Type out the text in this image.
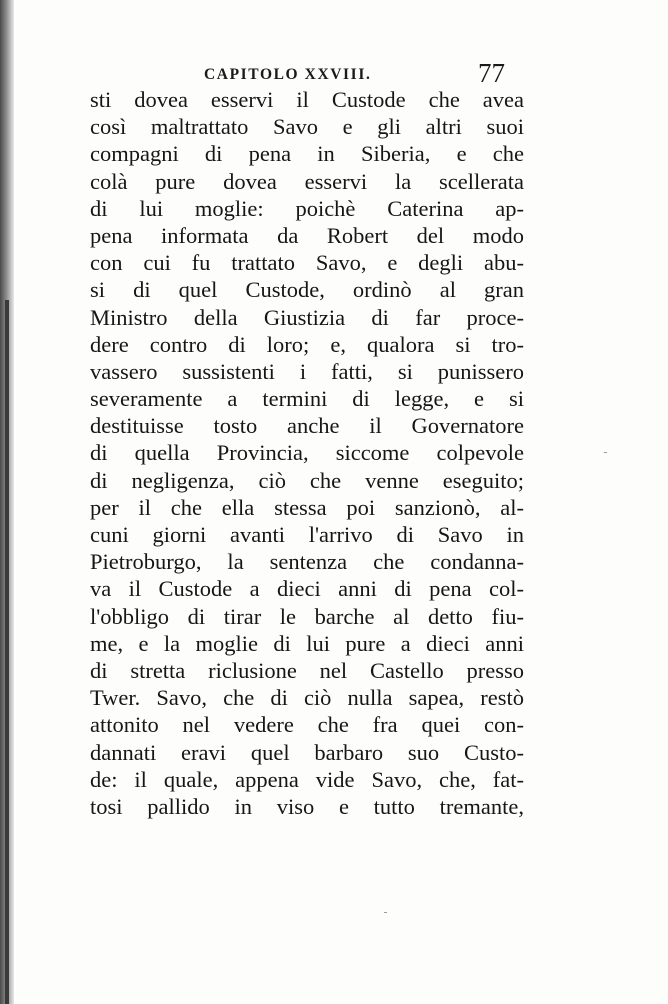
CAPITOLO XXVIII.	77
sti dovea esservi il Custode che avea
così maltrattato Savo e gli altri suoi
compagni di pena in Siberia, e che
colà pure dovea esservi la scellerata
di lui moglie: poichè Caterina ap-
pena informata da Robert del modo
con cui fu trattato Savo, e degli abu-
si di quel Custode, ordinò al gran
Ministro della Giustizia di far proce-
dere contro di loro; e, qualora si tro-
vassero sussistenti i fatti, si punissero
severamente a termini di legge, e si
destituisse tosto anche il Governatore
di quella Provincia, siccome colpevole
di negligenza, ciò che venne eseguito;
per il che ella stessa poi sanzionò, al-
cuni giorni avanti l'arrivo di Savo in
Pietroburgo, la sentenza che condanna-
va il Custode a dieci anni di pena col-
l'obbligo di tirar le barche al detto fiu-
me, e la moglie di lui pure a dieci anni
di stretta riclusione nel Castello presso
Twer. Savo, che di ciò nulla sapea, restò
attonito nel vedere che fra quei con-
dannati eravi quel barbaro suo Custo-
de: il quale, appena vide Savo, che, fat-
tosi pallido in viso e tutto tremante,
